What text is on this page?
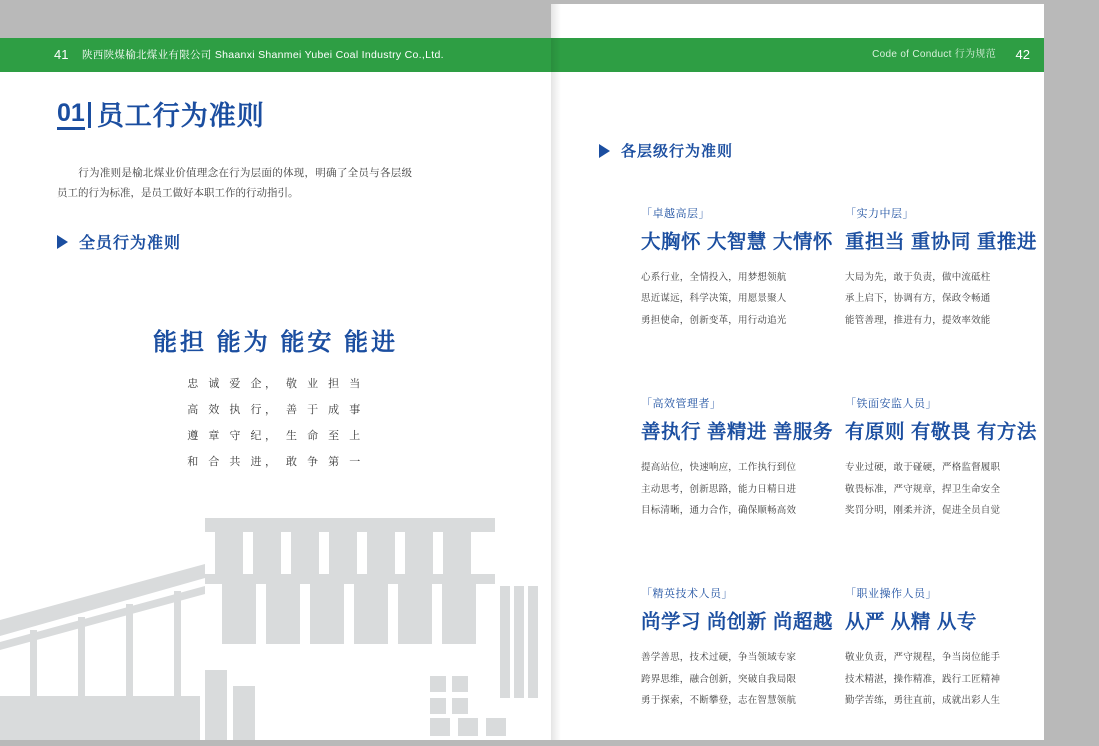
41 陕西陕煤榆北煤业有限公司 Shaanxi Shanmei Yubei Coal Industry Co.,Ltd.	Code of Conduct 行为规范 42
01 员工行为准则

行为准则是榆北煤业价值理念在行为层面的体现，明确了全员与各层级员工的行为标准，是员工做好本职工作的行动指引。

全员行为准则
能担 能为 能安 能进
忠 诚 爱 企， 敬 业 担 当
高 效 执 行， 善 于 成 事
遵 章 守 纪， 生 命 至 上
和 合 共 进， 敢 争 第 一
各层级行为准则
「卓越高层」
大胸怀 大智慧 大情怀
心系行业，全情投入，用梦想领航
思近谋远，科学决策，用愿景聚人
勇担使命，创新变革，用行动追光
「实力中层」
重担当 重协同 重推进
大局为先，敢于负责，做中流砥柱
承上启下，协调有方，保政令畅通
能管善理，推进有力，提效率效能
「高效管理者」
善执行 善精进 善服务
提高站位，快速响应，工作执行到位
主动思考，创新思路，能力日精日进
目标清晰，通力合作，确保顺畅高效
「铁面安监人员」
有原则 有敬畏 有方法
专业过硬，敢于碰硬，严格监督履职
敬畏标准，严守规章，捍卫生命安全
奖罚分明，刚柔并济，促进全员自觉
「精英技术人员」
尚学习 尚创新 尚超越
善学善思，技术过硬，争当领域专家
跨界思维，融合创新，突破自我局限
勇于探索，不断攀登，志在智慧领航
「职业操作人员」
从严 从精 从专
敬业负责，严守规程，争当岗位能手
技术精湛，操作精准，践行工匠精神
勤学苦练，勇往直前，成就出彩人生
